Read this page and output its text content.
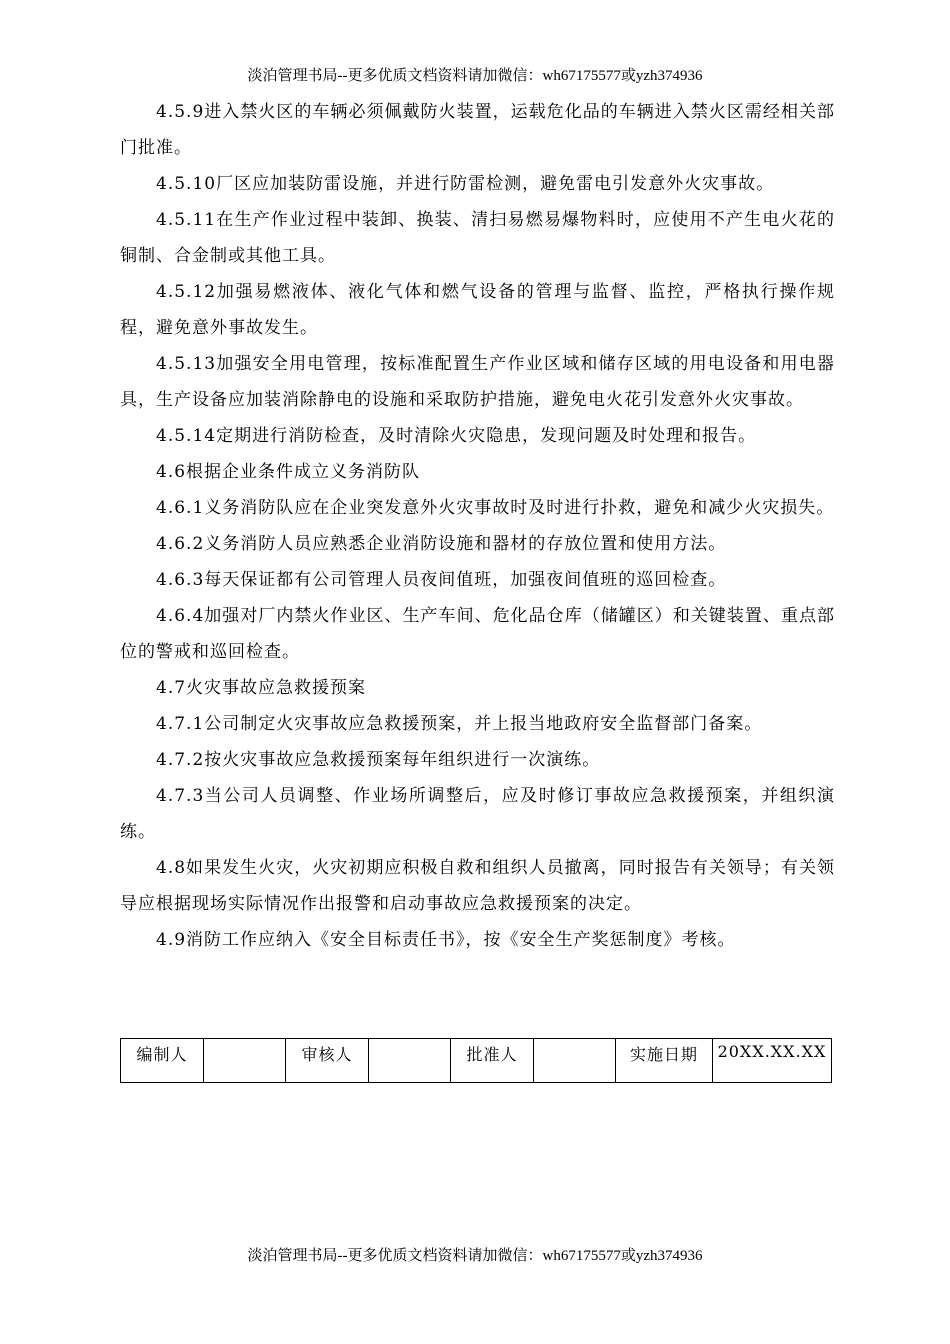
淡泊管理书局--更多优质文档资料请加微信：wh67175577或yzh374936

4.5.9进入禁火区的车辆必须佩戴防火装置，运载危化品的车辆进入禁火区需经相关部门批准。

4.5.10厂区应加装防雷设施，并进行防雷检测，避免雷电引发意外火灾事故。

4.5.11在生产作业过程中装卸、换装、清扫易燃易爆物料时，应使用不产生电火花的铜制、合金制或其他工具。

4.5.12加强易燃液体、液化气体和燃气设备的管理与监督、监控，严格执行操作规程，避免意外事故发生。

4.5.13加强安全用电管理，按标准配置生产作业区域和储存区域的用电设备和用电器具，生产设备应加装消除静电的设施和采取防护措施，避免电火花引发意外火灾事故。

4.5.14定期进行消防检查，及时清除火灾隐患，发现问题及时处理和报告。

4.6根据企业条件成立义务消防队

4.6.1义务消防队应在企业突发意外火灾事故时及时进行扑救，避免和减少火灾损失。

4.6.2义务消防人员应熟悉企业消防设施和器材的存放位置和使用方法。

4.6.3每天保证都有公司管理人员夜间值班，加强夜间值班的巡回检查。

4.6.4加强对厂内禁火作业区、生产车间、危化品仓库（储罐区）和关键装置、重点部位的警戒和巡回检查。

4.7火灾事故应急救援预案

4.7.1公司制定火灾事故应急救援预案，并上报当地政府安全监督部门备案。

4.7.2按火灾事故应急救援预案每年组织进行一次演练。

4.7.3当公司人员调整、作业场所调整后，应及时修订事故应急救援预案，并组织演练。

4.8如果发生火灾，火灾初期应积极自救和组织人员撤离，同时报告有关领导；有关领导应根据现场实际情况作出报警和启动事故应急救援预案的决定。

4.9消防工作应纳入《安全目标责任书》，按《安全生产奖惩制度》考核。

编制人		审核人		批准人		实施日期	20XX.XX.XX
淡泊管理书局--更多优质文档资料请加微信：wh67175577或yzh374936
